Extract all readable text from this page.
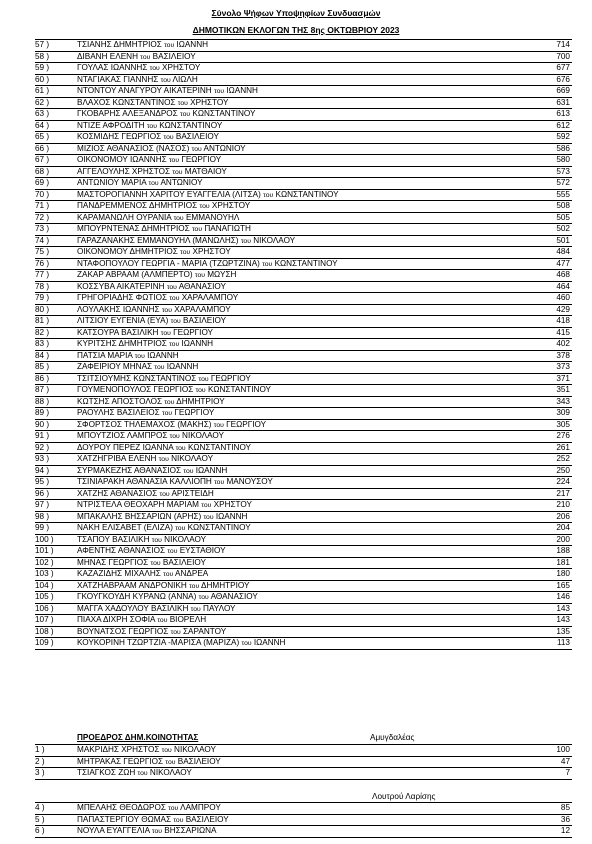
Σύνολο Ψήφων Υποψηφίων Συνδυασμών
ΔΗΜΟΤΙΚΩΝ ΕΚΛΟΓΩΝ ΤΗΣ 8ης ΟΚΤΩΒΡΙΟΥ 2023
57 )	ΤΣΙΑΝΗΣ ΔΗΜΗΤΡΙΟΣ του ΙΩΑΝΝΗ	714
58 )	ΔΙΒΑΝΗ ΕΛΕΝΗ του ΒΑΣΙΛΕΙΟΥ	700
59 )	ΓΟΥΛΑΣ ΙΩΑΝΝΗΣ του ΧΡΗΣΤΟΥ	677
60 )	ΝΤΑΓΙΑΚΑΣ ΓΙΑΝΝΗΣ του ΛΙΩΛΗ	676
61 )	ΝΤΟΝΤΟΥ ΑΝΑΓΥΡΟΥ ΑΙΚΑΤΕΡΙΝΗ του ΙΩΑΝΝΗ	669
62 )	ΒΛΑΧΟΣ ΚΩΝΣΤΑΝΤΙΝΟΣ του ΧΡΗΣΤΟΥ	631
63 )	ΓΚΟΒΑΡΗΣ ΑΛΕΞΑΝΔΡΟΣ του ΚΩΝΣΤΑΝΤΙΝΟΥ	613
64 )	ΝΤΙΖΕ ΑΦΡΟΔΙΤΗ του ΚΩΝΣΤΑΝΤΙΝΟΥ	612
65 )	ΚΟΣΜΙΔΗΣ ΓΕΩΡΓΙΟΣ του ΒΑΣΙΛΕΙΟΥ	592
66 )	ΜΙΖΙΟΣ ΑΘΑΝΑΣΙΟΣ (ΝΑΣΟΣ) του ΑΝΤΩΝΙΟΥ	586
67 )	ΟΙΚΟΝΟΜΟΥ ΙΩΑΝΝΗΣ του ΓΕΩΡΓΙΟΥ	580
68 )	ΑΓΓΕΛΟΥΛΗΣ ΧΡΗΣΤΟΣ του ΜΑΤΘΑΙΟΥ	573
69 )	ΑΝΤΩΝΙΟΥ ΜΑΡΙΑ του ΑΝΤΩΝΙΟΥ	572
70 )	ΜΑΣΤΟΡΟΓΙΑΝΝΗ ΧΑΡΙΤΟΥ ΕΥΑΓΓΕΛΙΑ (ΛΙΤΣΑ) του ΚΩΝΣΤΑΝΤΙΝΟΥ	555
71 )	ΠΑΝΔΡΕΜΜΕΝΟΣ ΔΗΜΗΤΡΙΟΣ του ΧΡΗΣΤΟΥ	508
72 )	ΚΑΡΑΜΑΝΩΛΗ ΟΥΡΑΝΙΑ του ΕΜΜΑΝΟΥΗΛ	505
73 )	ΜΠΟΥΡΝΤΕΝΑΣ ΔΗΜΗΤΡΙΟΣ του ΠΑΝΑΓΙΩΤΗ	502
74 )	ΓΑΡΑΖΑΝΑΚΗΣ ΕΜΜΑΝΟΥΗΛ (ΜΑΝΩΛΗΣ) του ΝΙΚΟΛΑΟΥ	501
75 )	ΟΙΚΟΝΟΜΟΥ ΔΗΜΗΤΡΙΟΣ του ΧΡΗΣΤΟΥ	484
76 )	ΝΤΑΦΟΠΟΥΛΟΥ ΓΕΩΡΓΙΑ - ΜΑΡΙΑ (ΤΖΩΡΤΖΙΝΑ) του ΚΩΝΣΤΑΝΤΙΝΟΥ	477
77 )	ΖΑΚΑΡ ΑΒΡΑΑΜ (ΑΛΜΠΕΡΤΟ) του ΜΩΥΣΗ	468
78 )	ΚΟΣΣΥΒΑ ΑΙΚΑΤΕΡΙΝΗ του ΑΘΑΝΑΣΙΟΥ	464
79 )	ΓΡΗΓΟΡΙΑΔΗΣ ΦΩΤΙΟΣ του ΧΑΡΑΛΑΜΠΟΥ	460
80 )	ΛΟΥΛΑΚΗΣ ΙΩΑΝΝΗΣ του ΧΑΡΑΛΑΜΠΟΥ	429
81 )	ΛΙΤΣΙΟΥ ΕΥΓΕΝΙΑ (ΕΥΑ) του ΒΑΣΙΛΕΙΟΥ	418
82 )	ΚΑΤΣΟΥΡΑ ΒΑΣΙΛΙΚΗ του ΓΕΩΡΓΙΟΥ	415
83 )	ΚΥΡΙΤΣΗΣ ΔΗΜΗΤΡΙΟΣ του ΙΩΑΝΝΗ	402
84 )	ΠΑΤΣΙΑ ΜΑΡΙΑ του ΙΩΑΝΝΗ	378
85 )	ΖΑΦΕΙΡΙΟΥ ΜΗΝΑΣ του ΙΩΑΝΝΗ	373
86 )	ΤΣΙΤΣΙΟΥΜΗΣ ΚΩΝΣΤΑΝΤΙΝΟΣ του ΓΕΩΡΓΙΟΥ	371
87 )	ΓΟΥΜΕΝΟΠΟΥΛΟΣ ΓΕΩΡΓΙΟΣ του ΚΩΝΣΤΑΝΤΙΝΟΥ	351
88 )	ΚΩΤΣΗΣ ΑΠΟΣΤΟΛΟΣ του ΔΗΜΗΤΡΙΟΥ	343
89 )	ΡΑΟΥΛΗΣ ΒΑΣΙΛΕΙΟΣ του ΓΕΩΡΓΙΟΥ	309
90 )	ΣΦΟΡΤΣΟΣ ΤΗΛΕΜΑΧΟΣ (ΜΑΚΗΣ) του ΓΕΩΡΓΙΟΥ	305
91 )	ΜΠΟΥΤΖΙΟΣ ΛΑΜΠΡΟΣ του ΝΙΚΟΛΑΟΥ	276
92 )	ΔΟΥΡΟΥ ΠΕΡΕΖ ΙΩΑΝΝΑ του ΚΩΝΣΤΑΝΤΙΝΟΥ	261
93 )	ΧΑΤΖΗΓΡΙΒΑ ΕΛΕΝΗ του ΝΙΚΟΛΑΟΥ	252
94 )	ΣΥΡΜΑΚΕΖΗΣ ΑΘΑΝΑΣΙΟΣ του ΙΩΑΝΝΗ	250
95 )	ΤΣΙΝΙΑΡΑΚΗ ΑΘΑΝΑΣΙΑ ΚΑΛΛΙΟΠΗ του ΜΑΝΟΥΣΟΥ	224
96 )	ΧΑΤΖΗΣ ΑΘΑΝΑΣΙΟΣ του ΑΡΙΣΤΕΙΔΗ	217
97 )	ΝΤΡΙΣΤΕΛΑ ΘΕΟΧΑΡΗ ΜΑΡΙΑΜ του ΧΡΗΣΤΟΥ	210
98 )	ΜΠΑΚΑΛΗΣ ΒΗΣΣΑΡΙΩΝ (ΑΡΗΣ) του ΙΩΑΝΝΗ	206
99 )	ΝΑΚΗ ΕΛΙΣΑΒΕΤ (ΕΛΙΖΑ) του ΚΩΝΣΤΑΝΤΙΝΟΥ	204
100 )	ΤΣΑΠΟΥ ΒΑΣΙΛΙΚΗ του ΝΙΚΟΛΑΟΥ	200
101 )	ΑΦΕΝΤΗΣ ΑΘΑΝΑΣΙΟΣ του ΕΥΣΤΑΘΙΟΥ	188
102 )	ΜΗΝΑΣ ΓΕΩΡΓΙΟΣ του ΒΑΣΙΛΕΙΟΥ	181
103 )	ΚΑΖΑΖΙΔΗΣ ΜΙΧΑΛΗΣ του ΑΝΔΡΕΑ	180
104 )	ΧΑΤΖΗΑΒΡΑΑΜ ΑΝΔΡΟΝΙΚΗ του ΔΗΜΗΤΡΙΟΥ	165
105 )	ΓΚΟΥΓΚΟΥΔΗ ΚΥΡΑΝΩ (ΑΝΝΑ) του ΑΘΑΝΑΣΙΟΥ	146
106 )	ΜΑΓΓΑ ΧΑΔΟΥΛΟΥ ΒΑΣΙΛΙΚΗ του ΠΑΥΛΟΥ	143
107 )	ΠΙΑΧΑ ΔΙΧΡΗ ΣΟΦΙΑ του ΒΙΟΡΕΛΗ	143
108 )	ΒΟΥΝΑΤΣΟΣ ΓΕΩΡΓΙΟΣ του ΣΑΡΑΝΤΟΥ	135
109 )	ΚΟΥΚΟΡΙΝΗ ΤΖΩΡΤΖΙΑ -ΜΑΡΙΣΑ (ΜΑΡΙΖΑ) του ΙΩΑΝΝΗ	113
ΠΡΟΕΔΡΟΣ ΔΗΜ.ΚΟΙΝΟΤΗΤΑΣ	Αμυγδαλέας
1 )	ΜΑΚΡΙΔΗΣ ΧΡΗΣΤΟΣ του ΝΙΚΟΛΑΟΥ	100
2 )	ΜΗΤΡΑΚΑΣ ΓΕΩΡΓΙΟΣ του ΒΑΣΙΛΕΙΟΥ	47
3 )	ΤΣΙΑΓΚΟΣ ΖΩΗ του ΝΙΚΟΛΑΟΥ	7
Λουτρού Λαρίσης
4 )	ΜΠΕΛΑΗΣ ΘΕΟΔΩΡΟΣ του ΛΑΜΠΡΟΥ	85
5 )	ΠΑΠΑΣΤΕΡΓΙΟΥ ΘΩΜΑΣ του ΒΑΣΙΛΕΙΟΥ	36
6 )	ΝΟΥΛΑ ΕΥΑΓΓΕΛΙΑ του ΒΗΣΣΑΡΙΩΝΑ	12
